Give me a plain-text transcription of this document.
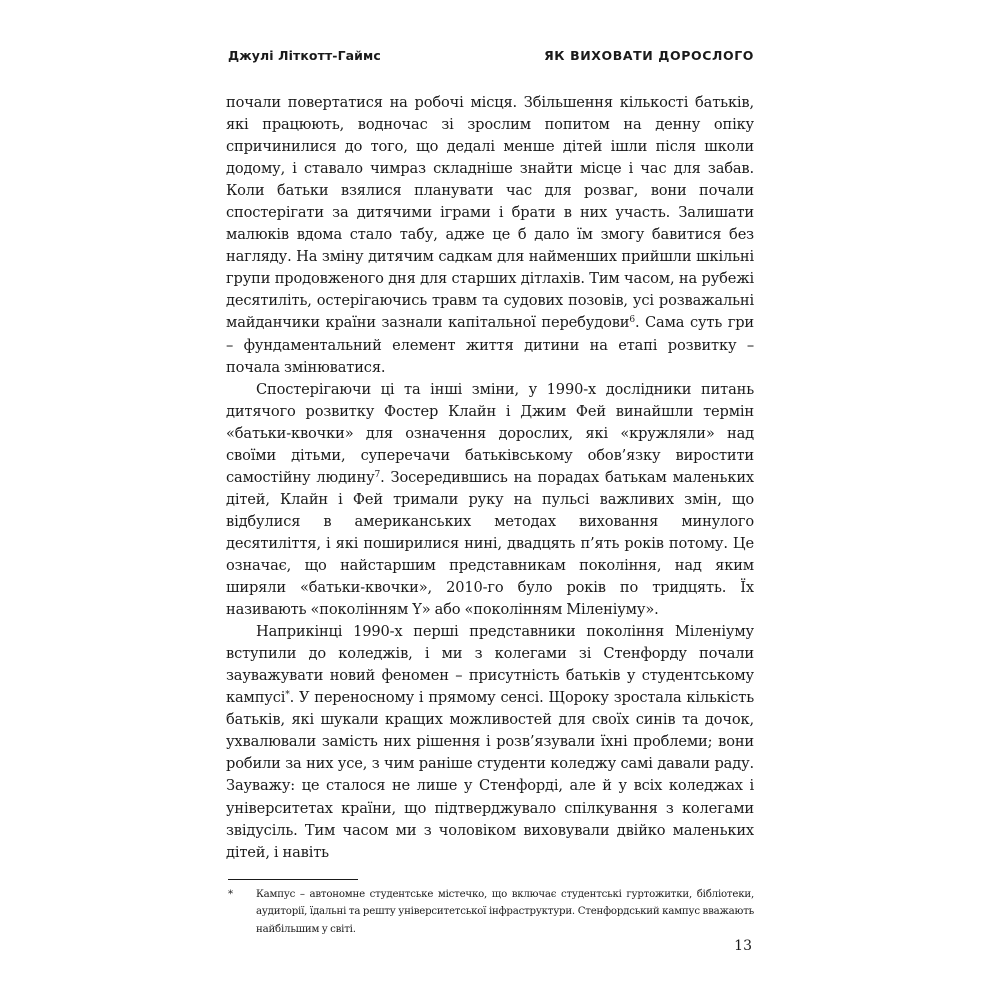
Джулі Літкотт-Гаймс	ЯК ВИХОВАТИ ДОРОСЛОГО

почали повертатися на робочі місця. Збільшення кількості батьків, які працюють, водночас зі зрослим попитом на денну опіку спричинилися до того, що дедалі менше дітей ішли після школи додому, і ставало чимраз складніше знайти місце і час для забав. Коли батьки взялися планувати час для розваг, вони почали спостерігати за дитячими іграми і брати в них участь. Залишати малюків вдома стало табу, адже це б дало їм змогу бавитися без нагляду. На зміну дитячим садкам для найменших прийшли шкільні групи продовженого дня для старших дітлахів. Тим часом, на рубежі десятиліть, остерігаючись травм та судових позовів, усі розважальні майданчики країни зазнали капітальної перебудови$^6$. Сама суть гри – фундаментальний елемент життя дитини на етапі розвитку – почала змінюватися.

Спостерігаючи ці та інші зміни, у 1990-х дослідники питань дитячого розвитку Фостер Клайн і Джим Фей винайшли термін «батьки-квочки» для означення дорослих, які «кружляли» над своїми дітьми, суперечачи батьківському обов’язку виростити самостійну людину$^7$. Зосередившись на порадах батькам маленьких дітей, Клайн і Фей тримали руку на пульсі важливих змін, що відбулися в американських методах виховання минулого десятиліття, і які поширилися нині, двадцять п’ять років потому. Це означає, що найстаршим представникам покоління, над яким ширяли «батьки-квочки», 2010-го було років по тридцять. Їх називають «поколінням Y» або «поколінням Міленіуму».

Наприкінці 1990-х перші представники покоління Міленіуму вступили до коледжів, і ми з колегами зі Стенфорду почали зауважувати новий феномен – присутність батьків у студентському кампусі*. У переносному і прямому сенсі. Щороку зростала кількість батьків, які шукали кращих можливостей для своїх синів та дочок, ухвалювали замість них рішення і розв’язували їхні проблеми; вони робили за них усе, з чим раніше студенти коледжу самі давали раду. Зауважу: це сталося не лише у Стенфорді, але й у всіх коледжах і університетах країни, що підтверджувало спілкування з колегами звідусіль. Тим часом ми з чоловіком виховували двійко маленьких дітей, і навіть

* Кампус – автономне студентське містечко, що включає студентські гуртожитки, бібліотеки, аудиторії, їдальні та решту університетської інфраструктури. Стенфордський кампус вважають найбільшим у світі.
13
